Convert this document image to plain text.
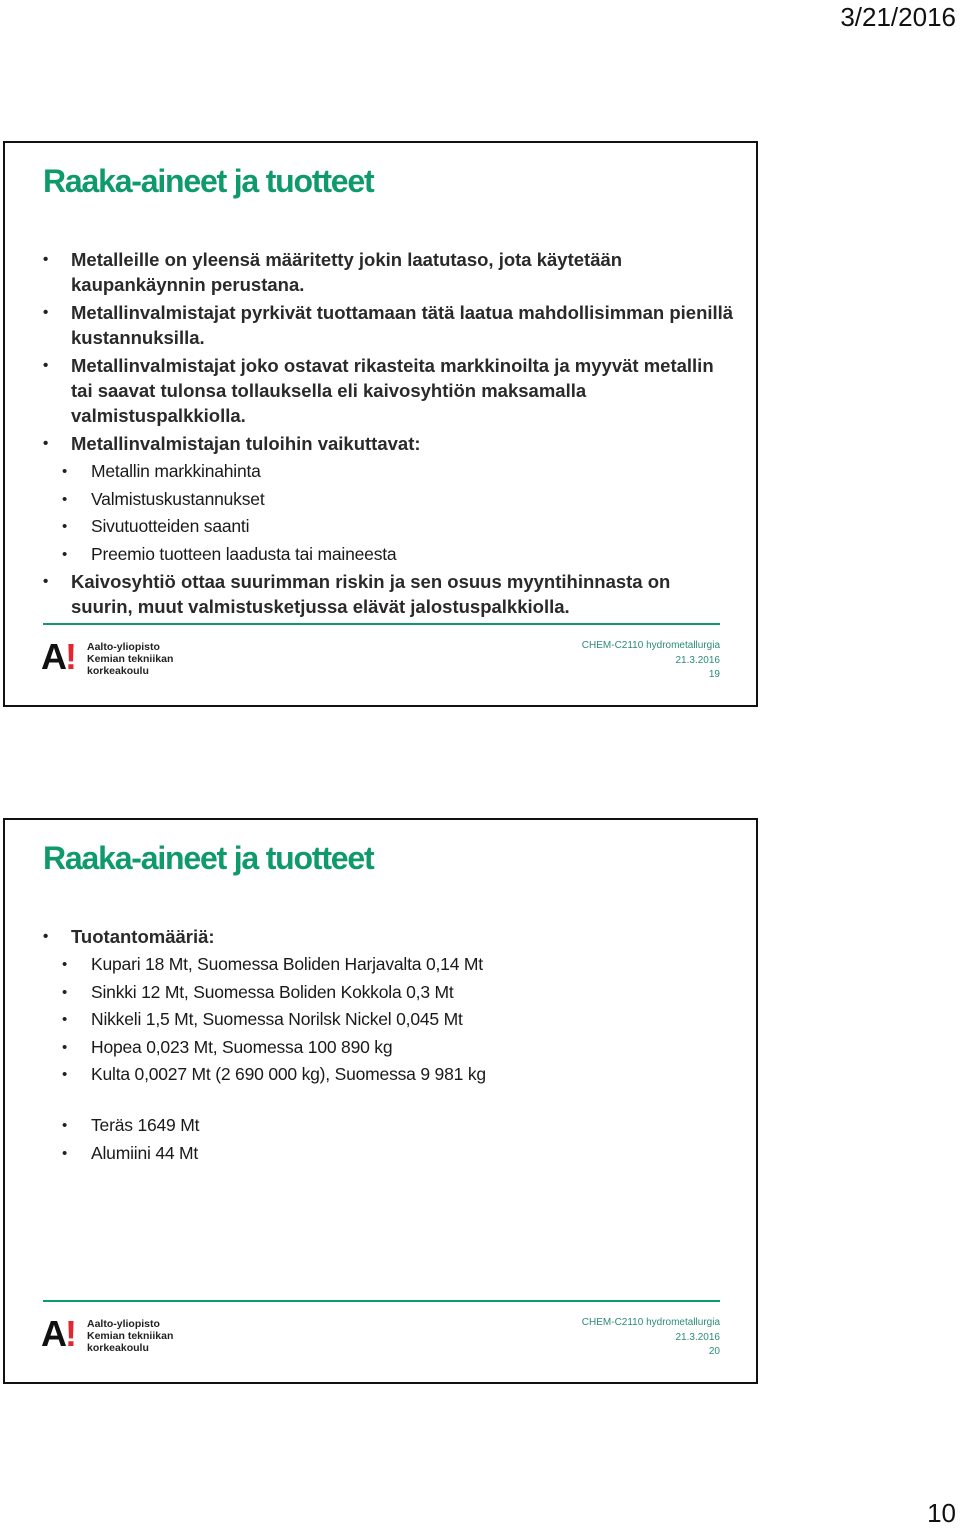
3/21/2016
Raaka-aineet ja tuotteet
• Metalleille on yleensä määritetty jokin laatutaso, jota käytetään kaupankäynnin perustana.
• Metallinvalmistajat pyrkivät tuottamaan tätä laatua mahdollisimman pienillä kustannuksilla.
• Metallinvalmistajat joko ostavat rikasteita markkinoilta ja myyvät metallin tai saavat tulonsa tollauksella eli kaivosyhtiön maksamalla valmistuspalkkiolla.
• Metallinvalmistajan tuloihin vaikuttavat:
• Metallin markkinahinta
• Valmistuskustannukset
• Sivutuotteiden saanti
• Preemio tuotteen laadusta tai maineesta
• Kaivosyhtiö ottaa suurimman riskin ja sen osuus myyntihinnasta on suurin, muut valmistusketjussa elävät jalostuspalkkiolla.
A! Aalto-yliopisto
Kemian tekniikan
korkeakoulu
CHEM-C2110 hydrometallurgia
21.3.2016
19
Raaka-aineet ja tuotteet
• Tuotantomääriä:
• Kupari 18 Mt, Suomessa Boliden Harjavalta 0,14 Mt
• Sinkki 12 Mt, Suomessa Boliden Kokkola 0,3 Mt
• Nikkeli 1,5 Mt, Suomessa Norilsk Nickel 0,045 Mt
• Hopea 0,023 Mt, Suomessa 100 890 kg
• Kulta 0,0027 Mt (2 690 000 kg), Suomessa 9 981 kg
• Teräs 1649 Mt
• Alumiini 44 Mt
A! Aalto-yliopisto
Kemian tekniikan
korkeakoulu
CHEM-C2110 hydrometallurgia
21.3.2016
20
10
